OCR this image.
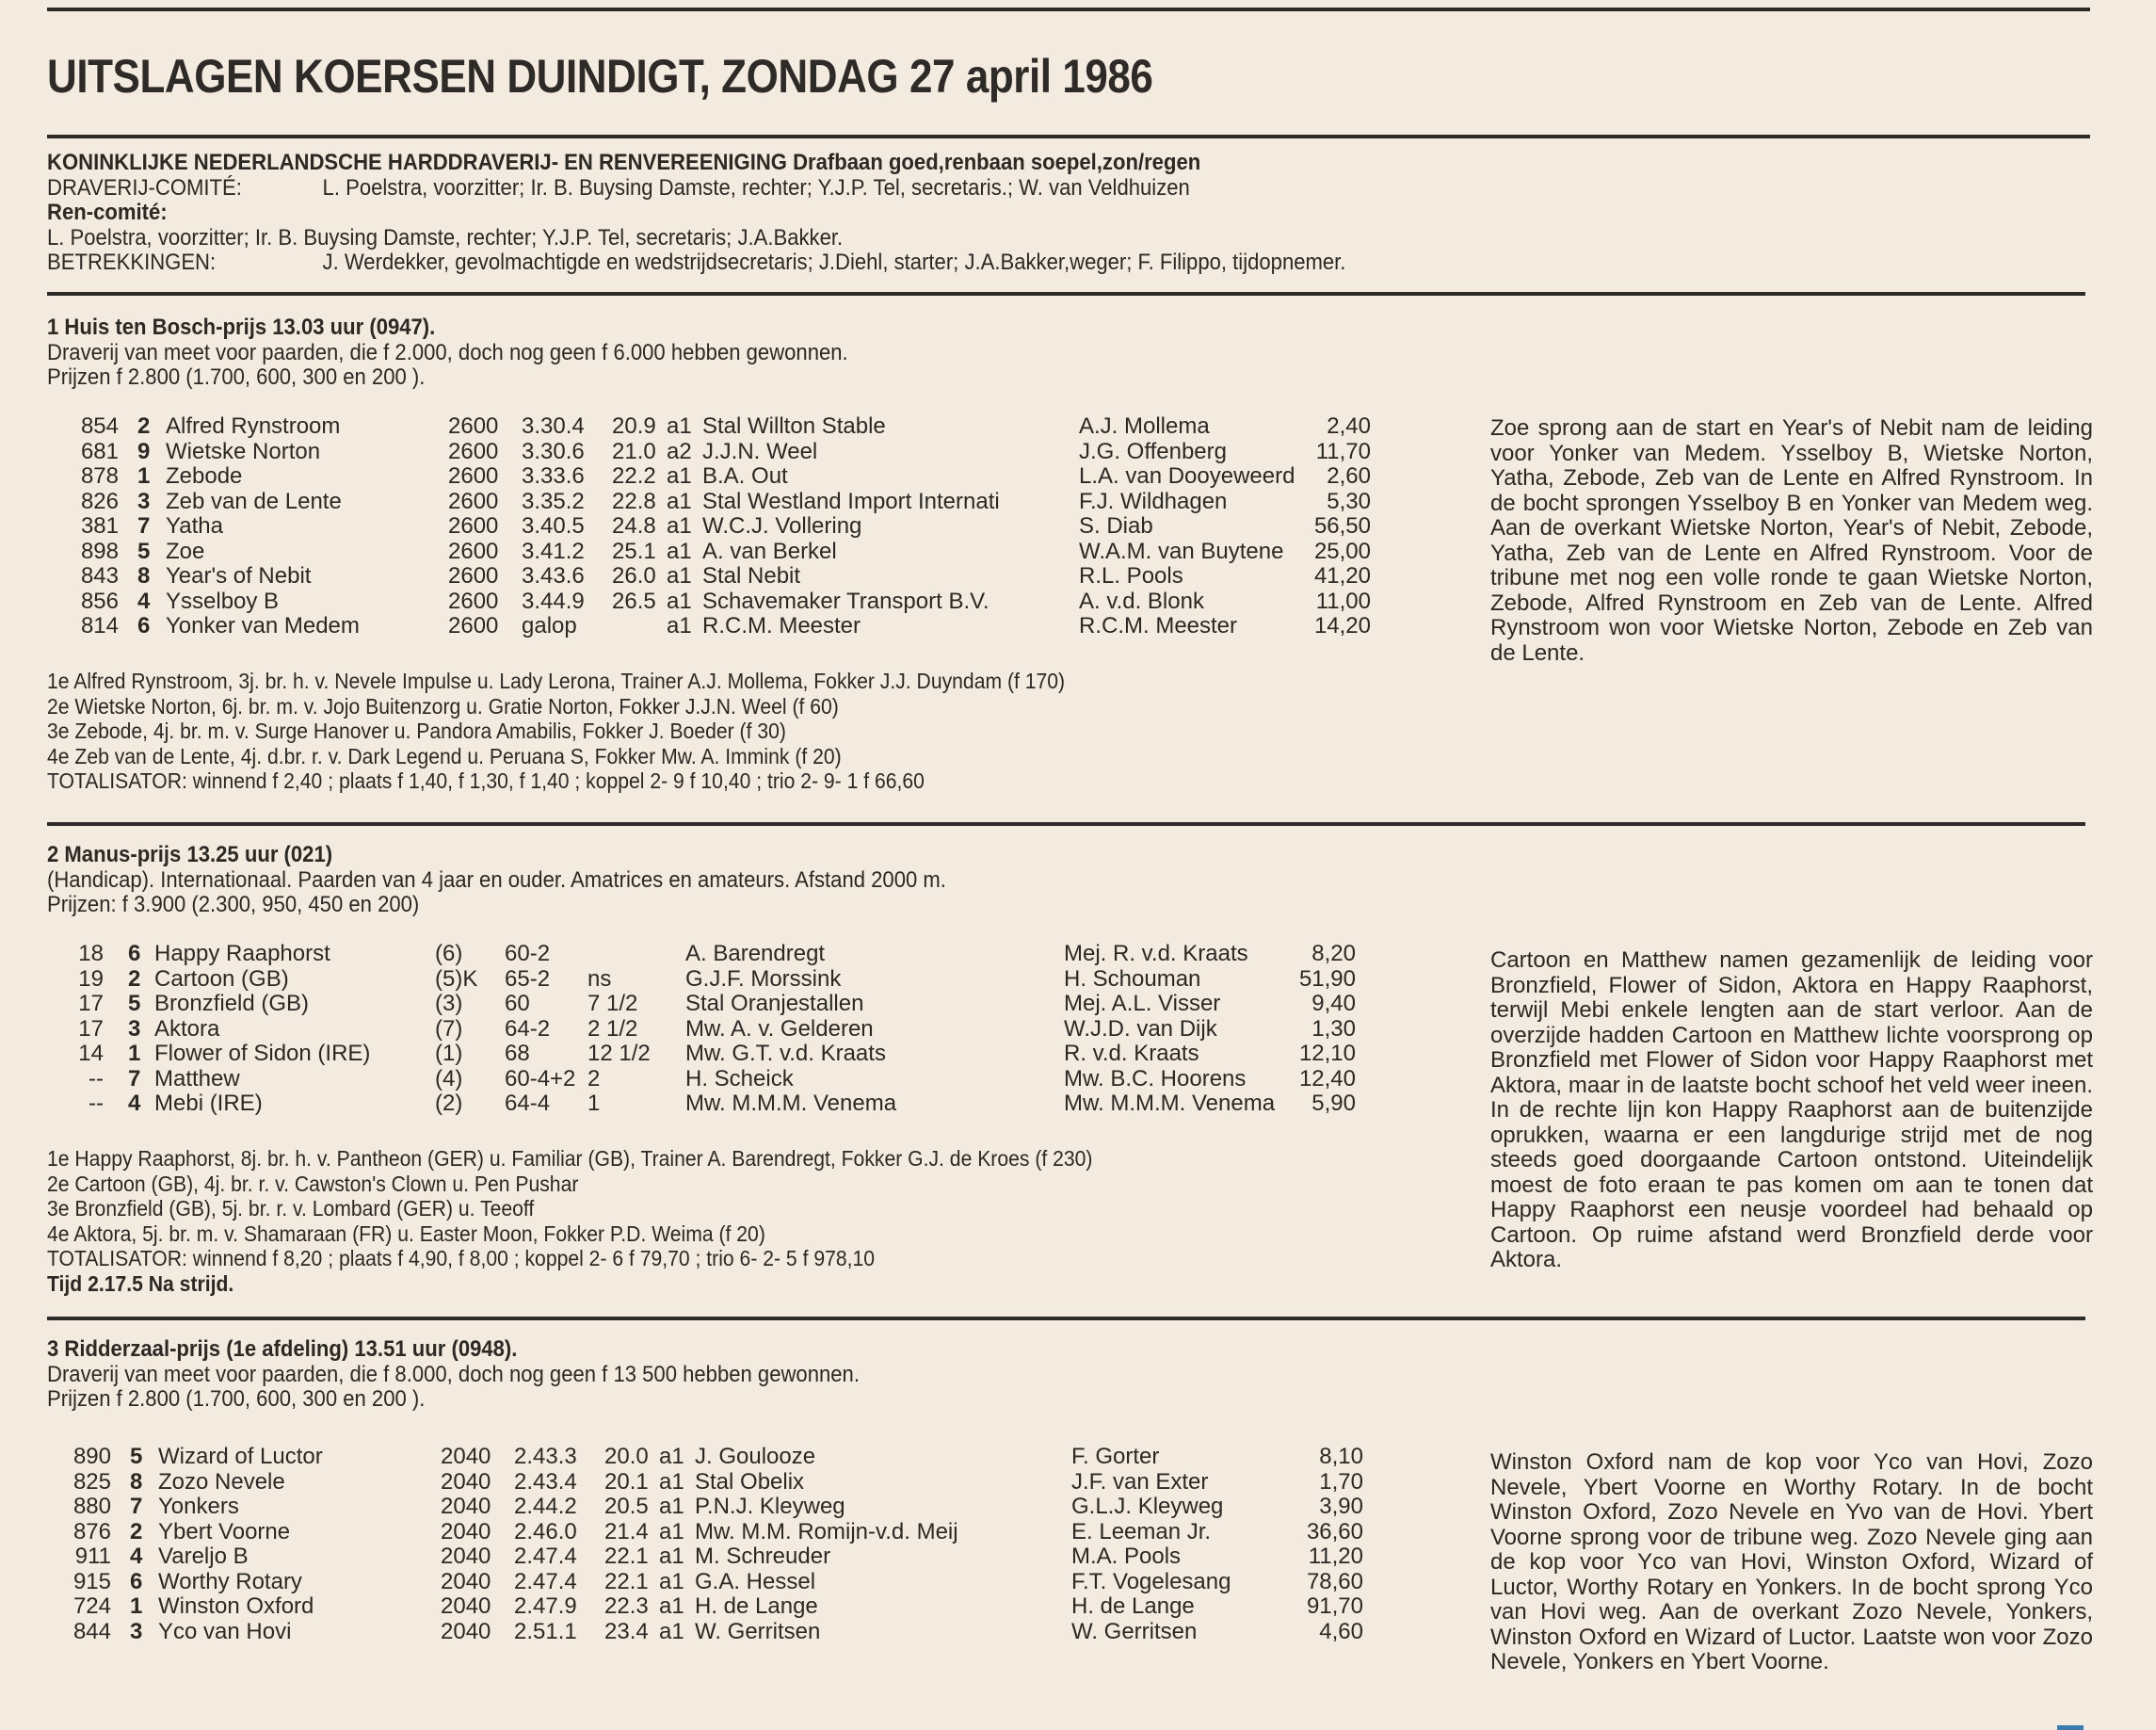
UITSLAGEN KOERSEN DUINDIGT, ZONDAG 27 april 1986
KONINKLIJKE NEDERLANDSCHE HARDDRAVERIJ- EN RENVEREENIGING
Drafbaan goed,renbaan soepel,zon/regen
DRAVERIJ-COMITÉ:	L. Poelstra, voorzitter; Ir. B. Buysing Damste, rechter; Y.J.P. Tel, secretaris.; W. van Veldhuizen
Ren-comité:
L. Poelstra, voorzitter; Ir. B. Buysing Damste, rechter; Y.J.P. Tel, secretaris; J.A.Bakker.
BETREKKINGEN:	J. Werdekker, gevolmachtigde en wedstrijdsecretaris; J.Diehl, starter; J.A.Bakker,weger; F. Filippo, tijdopnemer.
1 Huis ten Bosch-prijs 13.03 uur (0947).
Draverij van meet voor paarden, die f 2.000, doch nog geen f 6.000 hebben gewonnen.
Prijzen f 2.800 (1.700, 600, 300 en 200 ).
854	2	Alfred Rynstroom	2600	3.30.4	20.9	a1	Stal Willton Stable	A.J. Mollema	2,40
681	9	Wietske Norton	2600	3.30.6	21.0	a2	J.J.N. Weel	J.G. Offenberg	11,70
878	1	Zebode	2600	3.33.6	22.2	a1	B.A. Out	L.A. van Dooyeweerd	2,60
826	3	Zeb van de Lente	2600	3.35.2	22.8	a1	Stal Westland Import Internati	F.J. Wildhagen	5,30
381	7	Yatha	2600	3.40.5	24.8	a1	W.C.J. Vollering	S. Diab	56,50
898	5	Zoe	2600	3.41.2	25.1	a1	A. van Berkel	W.A.M. van Buytene	25,00
843	8	Year's of Nebit	2600	3.43.6	26.0	a1	Stal Nebit	R.L. Pools	41,20
856	4	Ysselboy B	2600	3.44.9	26.5	a1	Schavemaker Transport B.V.	A. v.d. Blonk	11,00
814	6	Yonker van Medem	2600	galop		a1	R.C.M. Meester	R.C.M. Meester	14,20
1e Alfred Rynstroom, 3j. br. h. v. Nevele Impulse u. Lady Lerona, Trainer A.J. Mollema, Fokker J.J. Duyndam (f 170)
2e Wietske Norton, 6j. br. m. v. Jojo Buitenzorg u. Gratie Norton, Fokker J.J.N. Weel (f 60)
3e Zebode, 4j. br. m. v. Surge Hanover u. Pandora Amabilis, Fokker J. Boeder (f 30)
4e Zeb van de Lente, 4j. d.br. r. v. Dark Legend u. Peruana S, Fokker Mw. A. Immink (f 20)
TOTALISATOR: winnend f 2,40 ; plaats f 1,40, f 1,30, f 1,40 ; koppel 2- 9 f 10,40 ; trio 2- 9- 1 f 66,60
Zoe sprong aan de start en Year's of Nebit nam de leiding voor Yonker van Medem. Ysselboy B, Wietske Norton, Yatha, Zebode, Zeb van de Lente en Alfred Rynstroom. In de bocht sprongen Ysselboy B en Yonker van Medem weg. Aan de overkant Wietske Norton, Year's of Nebit, Zebode, Yatha, Zeb van de Lente en Alfred Rynstroom. Voor de tribune met nog een volle ronde te gaan Wietske Norton, Zebode, Alfred Rynstroom en Zeb van de Lente. Alfred Rynstroom won voor Wietske Norton, Zebode en Zeb van de Lente.
2 Manus-prijs 13.25 uur (021)
(Handicap). Internationaal. Paarden van 4 jaar en ouder. Amatrices en amateurs. Afstand 2000 m.
Prijzen: f 3.900 (2.300, 950, 450 en 200)
18	6	Happy Raaphorst	(6)	60-2		A. Barendregt	Mej. R. v.d. Kraats	8,20
19	2	Cartoon (GB)	(5)K	65-2	ns	G.J.F. Morssink	H. Schouman	51,90
17	5	Bronzfield (GB)	(3)	60	7 1/2	Stal Oranjestallen	Mej. A.L. Visser	9,40
17	3	Aktora	(7)	64-2	2 1/2	Mw. A. v. Gelderen	W.J.D. van Dijk	1,30
14	1	Flower of Sidon (IRE)	(1)	68	12 1/2	Mw. G.T. v.d. Kraats	R. v.d. Kraats	12,10
--	7	Matthew	(4)	60-4+2	2	H. Scheick	Mw. B.C. Hoorens	12,40
--	4	Mebi (IRE)	(2)	64-4	1	Mw. M.M.M. Venema	Mw. M.M.M. Venema	5,90
1e Happy Raaphorst, 8j. br. h. v. Pantheon (GER) u. Familiar (GB), Trainer A. Barendregt, Fokker G.J. de Kroes (f 230)
2e Cartoon (GB), 4j. br. r. v. Cawston's Clown u. Pen Pushar
3e Bronzfield (GB), 5j. br. r. v. Lombard (GER) u. Teeoff
4e Aktora, 5j. br. m. v. Shamaraan (FR) u. Easter Moon, Fokker P.D. Weima (f 20)
TOTALISATOR: winnend f 8,20 ; plaats f 4,90, f 8,00 ; koppel 2- 6 f 79,70 ; trio 6- 2- 5 f 978,10
Tijd 2.17.5 Na strijd.
Cartoon en Matthew namen gezamenlijk de leiding voor Bronzfield, Flower of Sidon, Aktora en Happy Raaphorst, terwijl Mebi enkele lengten aan de start verloor. Aan de overzijde hadden Cartoon en Matthew lichte voorsprong op Bronzfield met Flower of Sidon voor Happy Raaphorst met Aktora, maar in de laatste bocht schoof het veld weer ineen. In de rechte lijn kon Happy Raaphorst aan de buitenzijde oprukken, waarna er een langdurige strijd met de nog steeds goed doorgaande Cartoon ontstond. Uiteindelijk moest de foto eraan te pas komen om aan te tonen dat Happy Raaphorst een neusje voordeel had behaald op Cartoon. Op ruime afstand werd Bronzfield derde voor Aktora.
3 Ridderzaal-prijs (1e afdeling) 13.51 uur (0948).
Draverij van meet voor paarden, die f 8.000, doch nog geen f 13 500 hebben gewonnen.
Prijzen f 2.800 (1.700, 600, 300 en 200 ).
890	5	Wizard of Luctor	2040	2.43.3	20.0	a1	J. Goulooze	F. Gorter	8,10
825	8	Zozo Nevele	2040	2.43.4	20.1	a1	Stal Obelix	J.F. van Exter	1,70
880	7	Yonkers	2040	2.44.2	20.5	a1	P.N.J. Kleyweg	G.L.J. Kleyweg	3,90
876	2	Ybert Voorne	2040	2.46.0	21.4	a1	Mw. M.M. Romijn-v.d. Meij	E. Leeman Jr.	36,60
911	4	Vareljo B	2040	2.47.4	22.1	a1	M. Schreuder	M.A. Pools	11,20
915	6	Worthy Rotary	2040	2.47.4	22.1	a1	G.A. Hessel	F.T. Vogelesang	78,60
724	1	Winston Oxford	2040	2.47.9	22.3	a1	H. de Lange	H. de Lange	91,70
844	3	Yco van Hovi	2040	2.51.1	23.4	a1	W. Gerritsen	W. Gerritsen	4,60
Winston Oxford nam de kop voor Yco van Hovi, Zozo Nevele, Ybert Voorne en Worthy Rotary. In de bocht Winston Oxford, Zozo Nevele en Yvo van de Hovi. Ybert Voorne sprong voor de tribune weg. Zozo Nevele ging aan de kop voor Yco van Hovi, Winston Oxford, Wizard of Luctor, Worthy Rotary en Yonkers. In de bocht sprong Yco van Hovi weg. Aan de overkant Zozo Nevele, Yonkers, Winston Oxford en Wizard of Luctor. Laatste won voor Zozo Nevele, Yonkers en Ybert Voorne.
